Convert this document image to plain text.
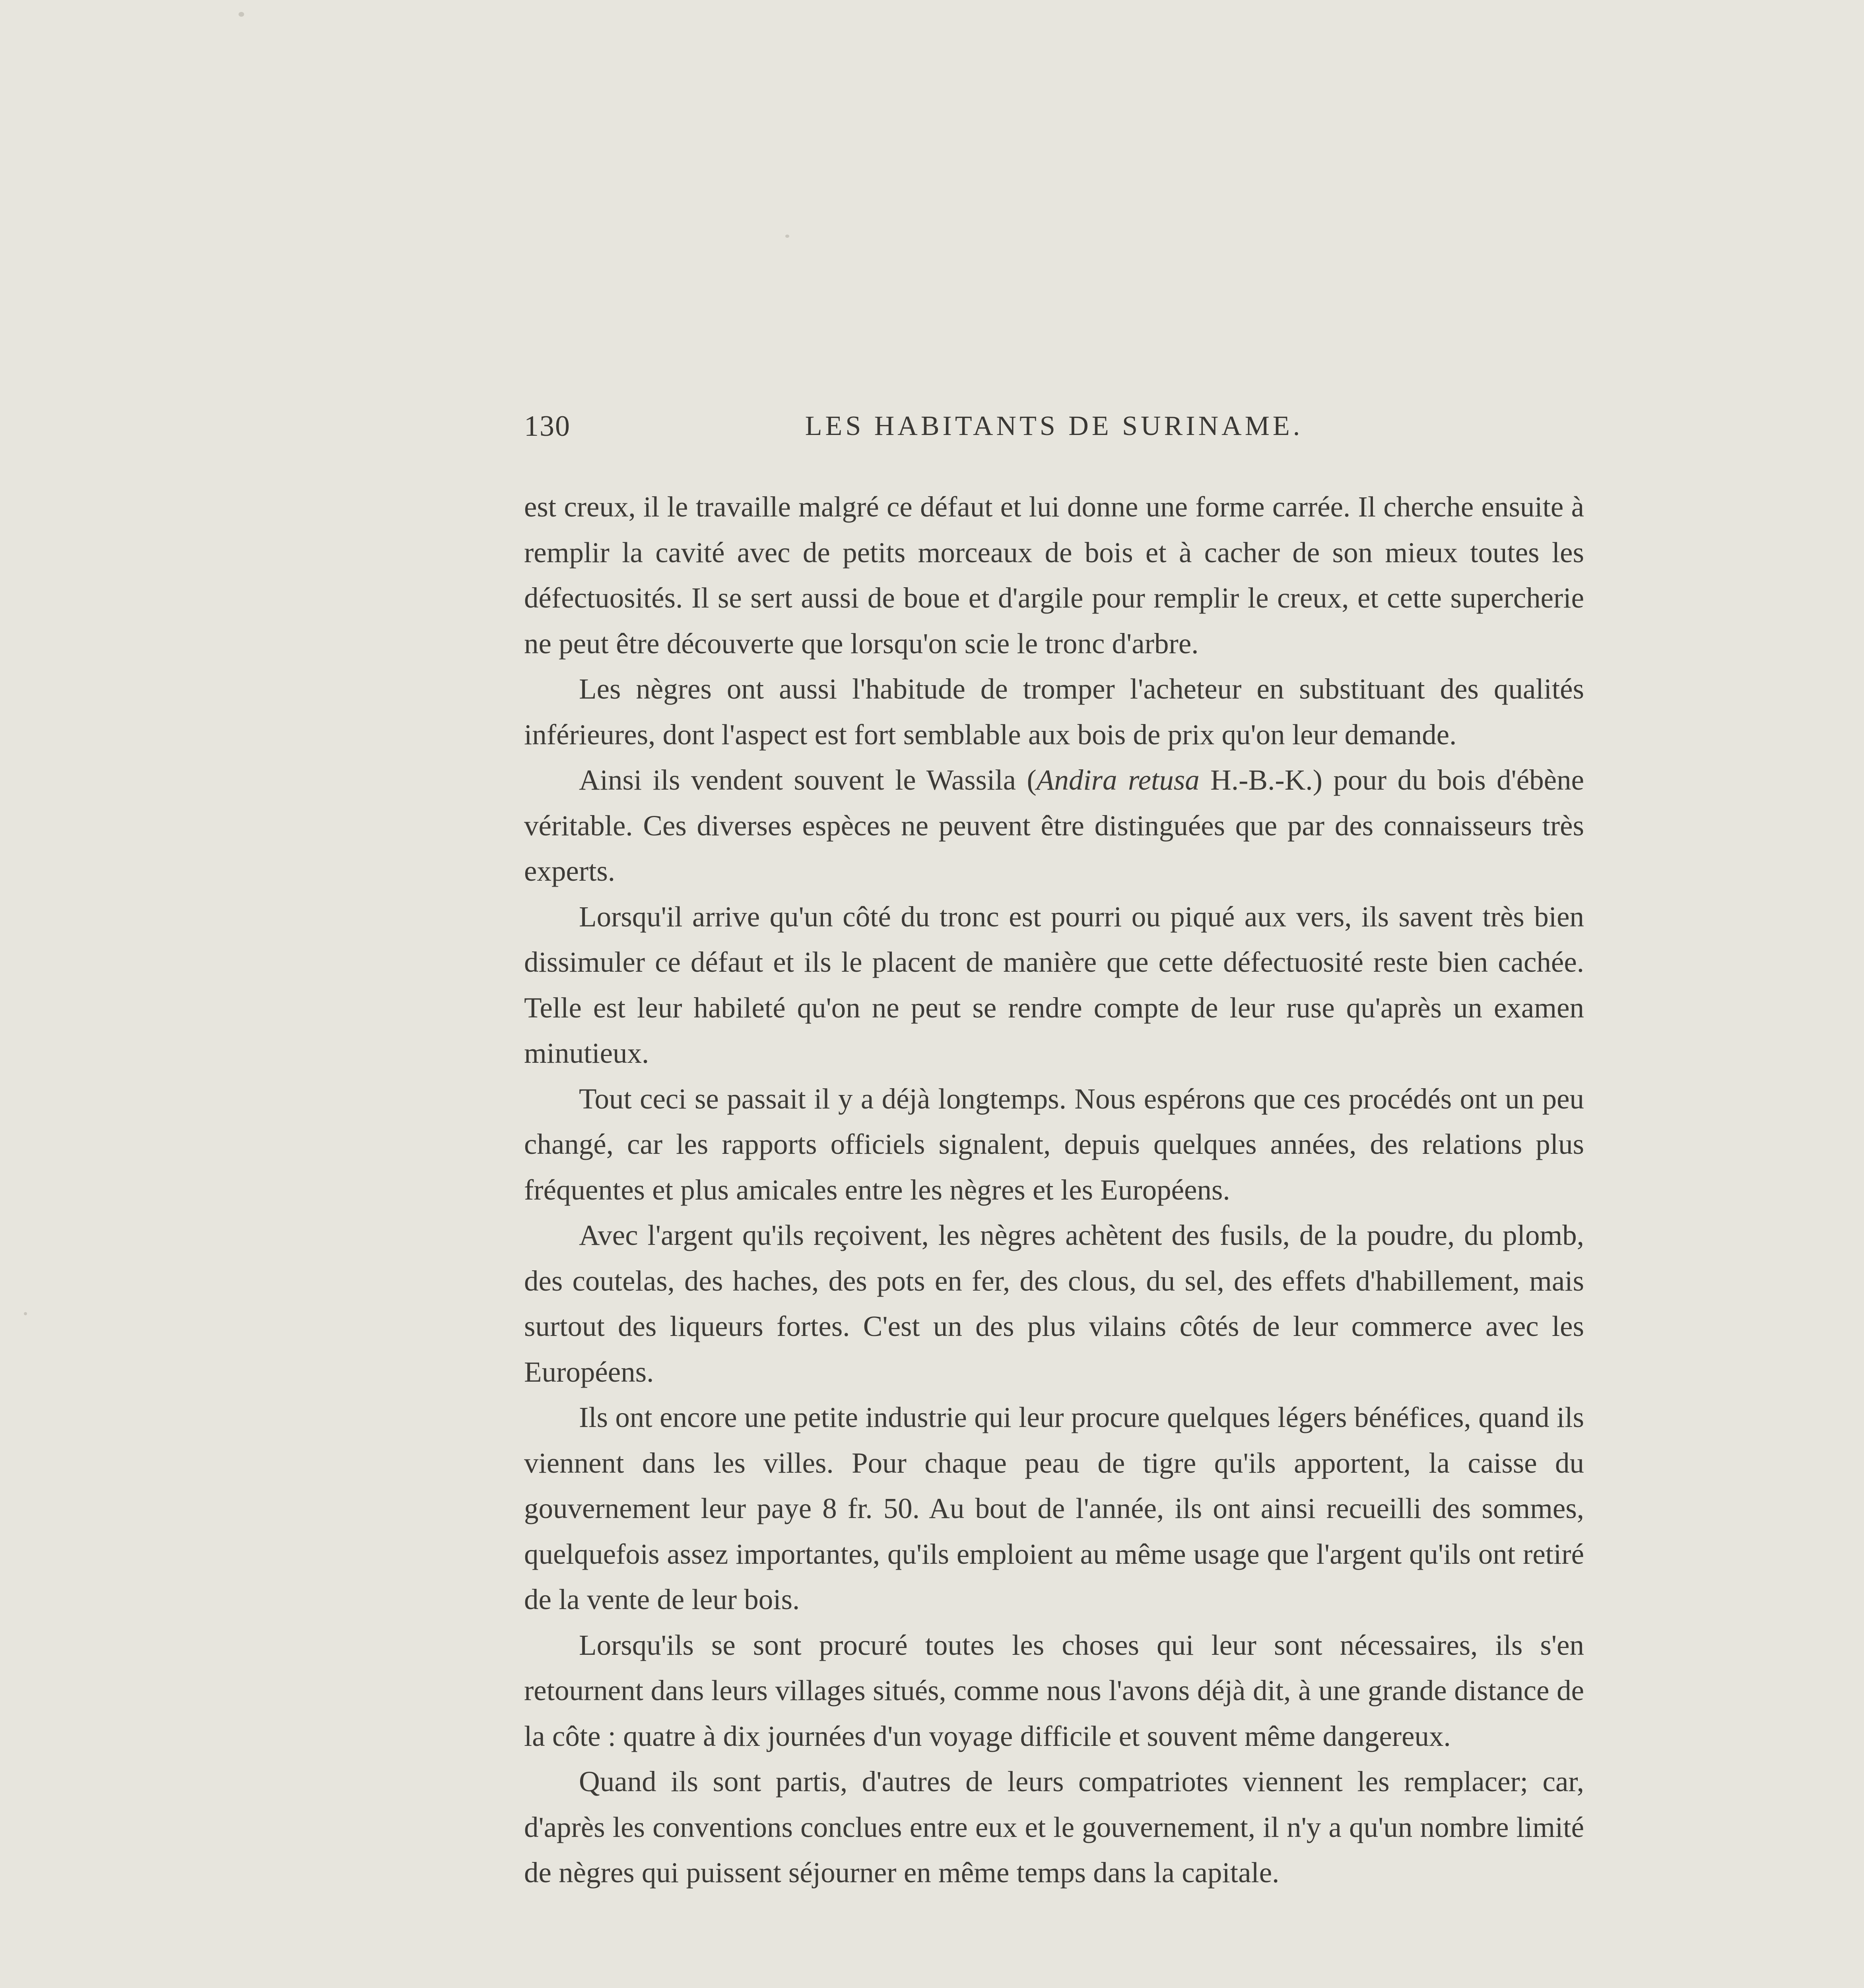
130	LES HABITANTS DE SURINAME.

est creux, il le travaille malgré ce défaut et lui donne une forme carrée. Il cherche ensuite à remplir la cavité avec de petits morceaux de bois et à cacher de son mieux toutes les défectuosités. Il se sert aussi de boue et d'argile pour remplir le creux, et cette supercherie ne peut être découverte que lorsqu'on scie le tronc d'arbre.

Les nègres ont aussi l'habitude de tromper l'acheteur en substituant des qualités inférieures, dont l'aspect est fort semblable aux bois de prix qu'on leur demande.

Ainsi ils vendent souvent le Wassila (Andira retusa H.-B.-K.) pour du bois d'ébène véritable. Ces diverses espèces ne peuvent être distinguées que par des connaisseurs très experts.

Lorsqu'il arrive qu'un côté du tronc est pourri ou piqué aux vers, ils savent très bien dissimuler ce défaut et ils le placent de manière que cette défectuosité reste bien cachée. Telle est leur habileté qu'on ne peut se rendre compte de leur ruse qu'après un examen minutieux.

Tout ceci se passait il y a déjà longtemps. Nous espérons que ces procédés ont un peu changé, car les rapports officiels signalent, depuis quelques années, des relations plus fréquentes et plus amicales entre les nègres et les Européens.

Avec l'argent qu'ils reçoivent, les nègres achètent des fusils, de la poudre, du plomb, des coutelas, des haches, des pots en fer, des clous, du sel, des effets d'habillement, mais surtout des liqueurs fortes. C'est un des plus vilains côtés de leur commerce avec les Européens.

Ils ont encore une petite industrie qui leur procure quelques légers bénéfices, quand ils viennent dans les villes. Pour chaque peau de tigre qu'ils apportent, la caisse du gouvernement leur paye 8 fr. 50. Au bout de l'année, ils ont ainsi recueilli des sommes, quelquefois assez importantes, qu'ils emploient au même usage que l'argent qu'ils ont retiré de la vente de leur bois.

Lorsqu'ils se sont procuré toutes les choses qui leur sont nécessaires, ils s'en retournent dans leurs villages situés, comme nous l'avons déjà dit, à une grande distance de la côte : quatre à dix journées d'un voyage difficile et souvent même dangereux.

Quand ils sont partis, d'autres de leurs compatriotes viennent les remplacer; car, d'après les conventions conclues entre eux et le gouvernement, il n'y a qu'un nombre limité de nègres qui puissent séjourner en même temps dans la capitale.
